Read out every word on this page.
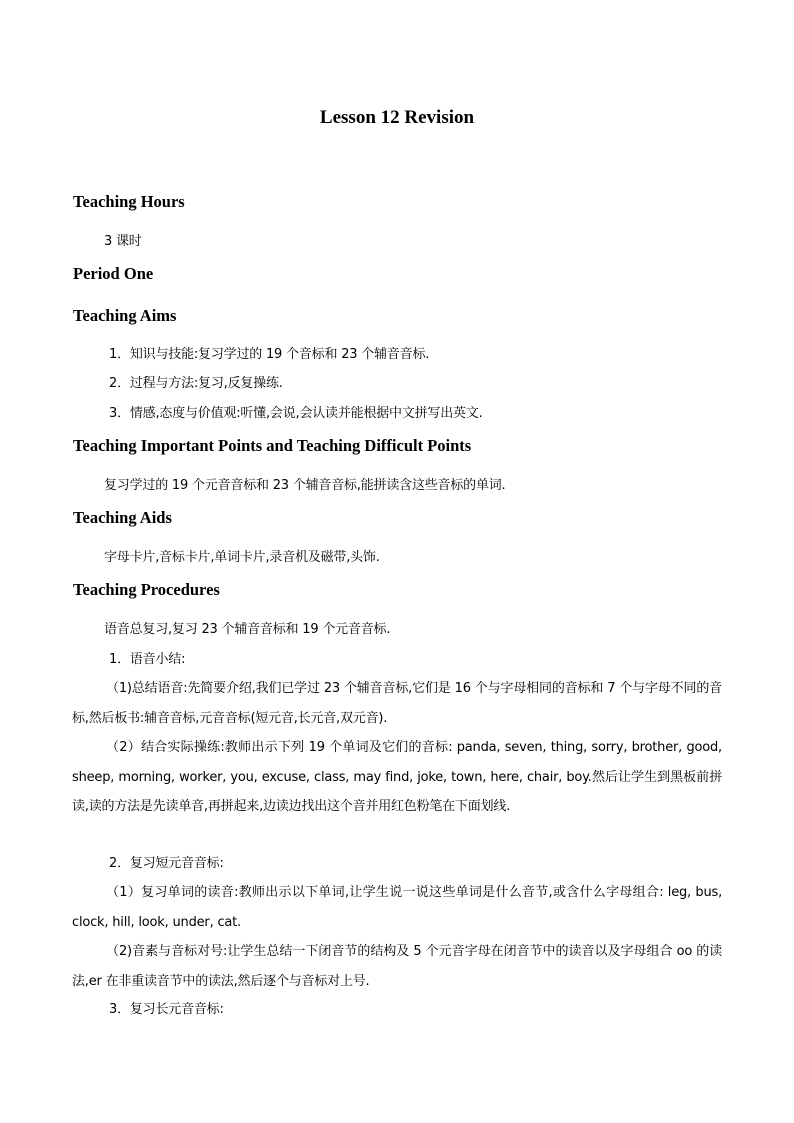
Lesson 12 Revision
Teaching Hours
3 课时
Period One
Teaching Aims
1．知识与技能:复习学过的 19 个音标和 23 个辅音音标.
2．过程与方法:复习,反复操练.
3．情感,态度与价值观:听懂,会说,会认读并能根据中文拼写出英文.
Teaching Important Points and Teaching Difficult Points
复习学过的 19 个元音音标和 23 个辅音音标,能拼读含这些音标的单词.
Teaching Aids
字母卡片,音标卡片,单词卡片,录音机及磁带,头饰.
Teaching Procedures
语音总复习,复习 23 个辅音音标和 19 个元音音标.
1．语音小结:
（1)总结语音:先简要介绍,我们已学过 23 个辅音音标,它们是 16 个与字母相同的音标和 7 个与字母不同的音标,然后板书:辅音音标,元音音标(短元音,长元音,双元音).
（2）结合实际操练:教师出示下列 19 个单词及它们的音标: panda, seven, thing, sorry, brother, good, sheep, morning, worker, you, excuse, class, may find, joke, town, here, chair, boy.然后让学生到黑板前拼读,读的方法是先读单音,再拼起来,边读边找出这个音并用红色粉笔在下面划线.
2．复习短元音音标:
（1）复习单词的读音:教师出示以下单词,让学生说一说这些单词是什么音节,或含什么字母组合: leg, bus, clock, hill, look, under, cat.
（2)音素与音标对号:让学生总结一下闭音节的结构及 5 个元音字母在闭音节中的读音以及字母组合 oo 的读法,er 在非重读音节中的读法,然后逐个与音标对上号.
3．复习长元音音标:
